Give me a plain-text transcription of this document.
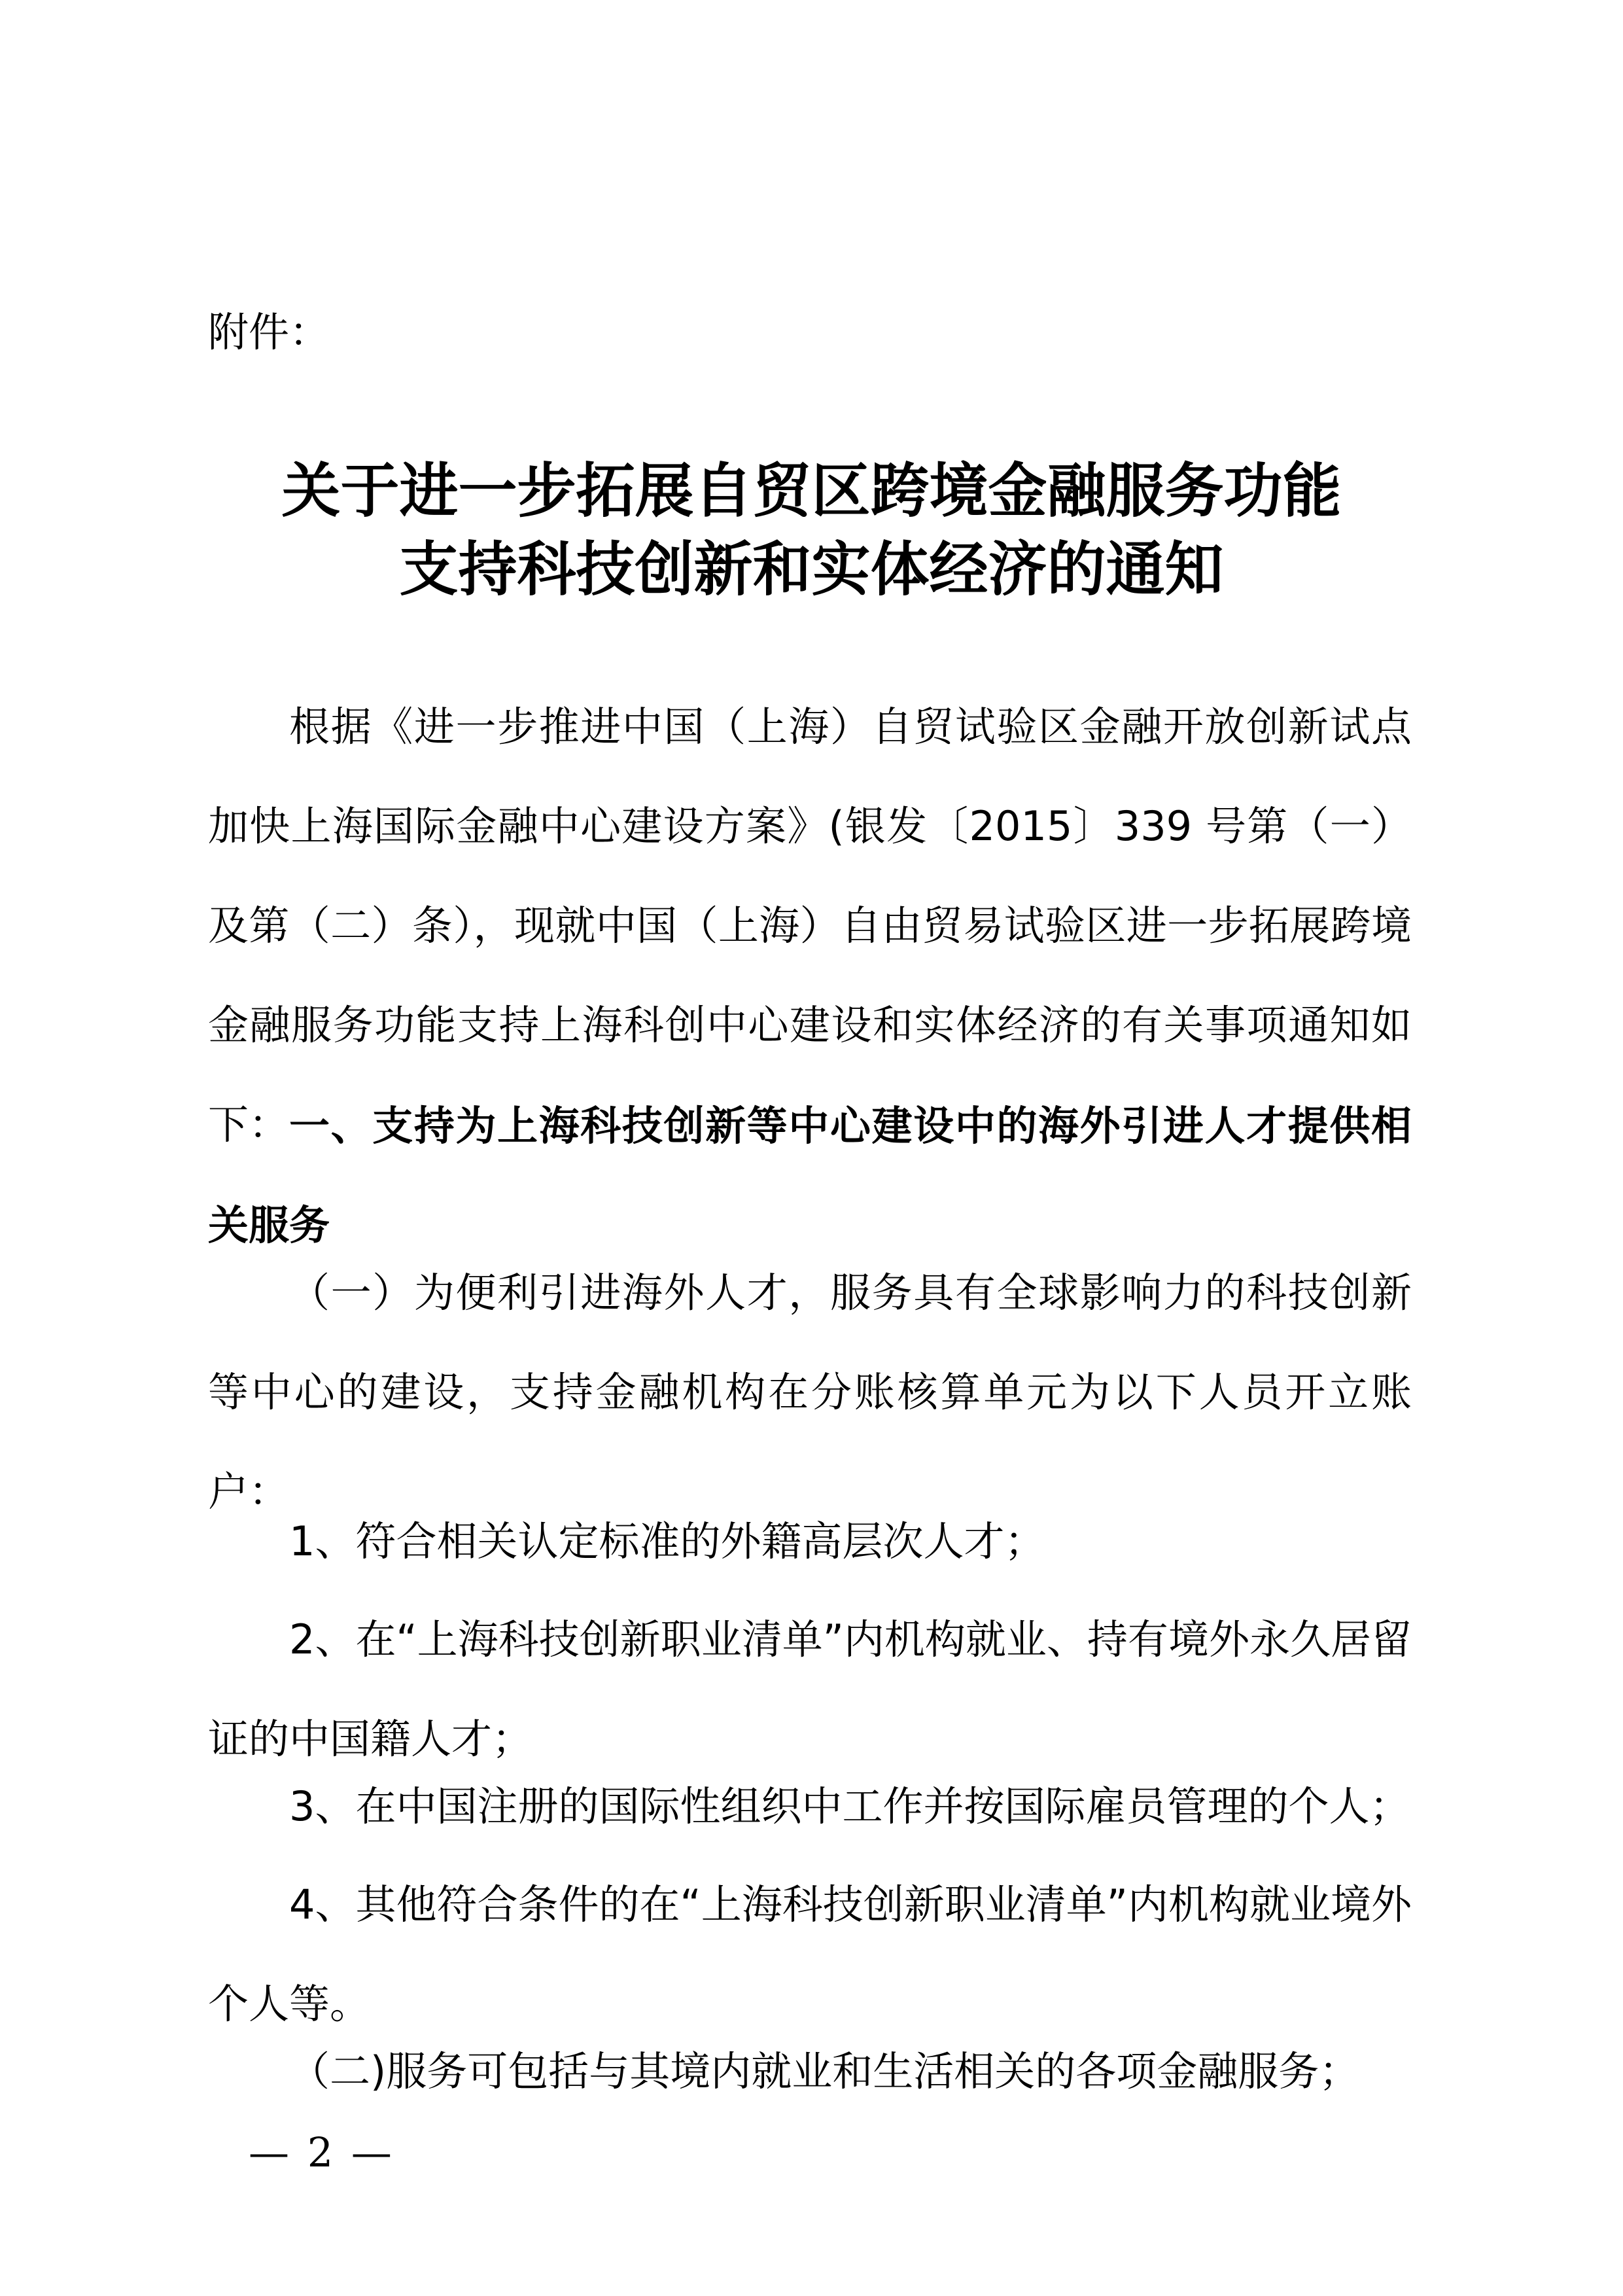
附件：

关于进一步拓展自贸区跨境金融服务功能
支持科技创新和实体经济的通知

根据《进一步推进中国（上海）自贸试验区金融开放创新试点 加快上海国际金融中心建设方案》(银发〔2015〕339 号第（一）及第（二）条），现就中国（上海）自由贸易试验区进一步拓展跨境金融服务功能支持上海科创中心建设和实体经济的有关事项通知如下： 一、支持为上海科技创新等中心建设中的海外引进人才提供相关服务

（一）为便利引进海外人才，服务具有全球影响力的科技创新等中心的建设，支持金融机构在分账核算单元为以下人员开立账户：

1、符合相关认定标准的外籍高层次人才；

2、在“上海科技创新职业清单”内机构就业、持有境外永久居留证的中国籍人才；

3、在中国注册的国际性组织中工作并按国际雇员管理的个人；

4、其他符合条件的在“上海科技创新职业清单”内机构就业境外个人等。

（二)服务可包括与其境内就业和生活相关的各项金融服务；

— 2 —
